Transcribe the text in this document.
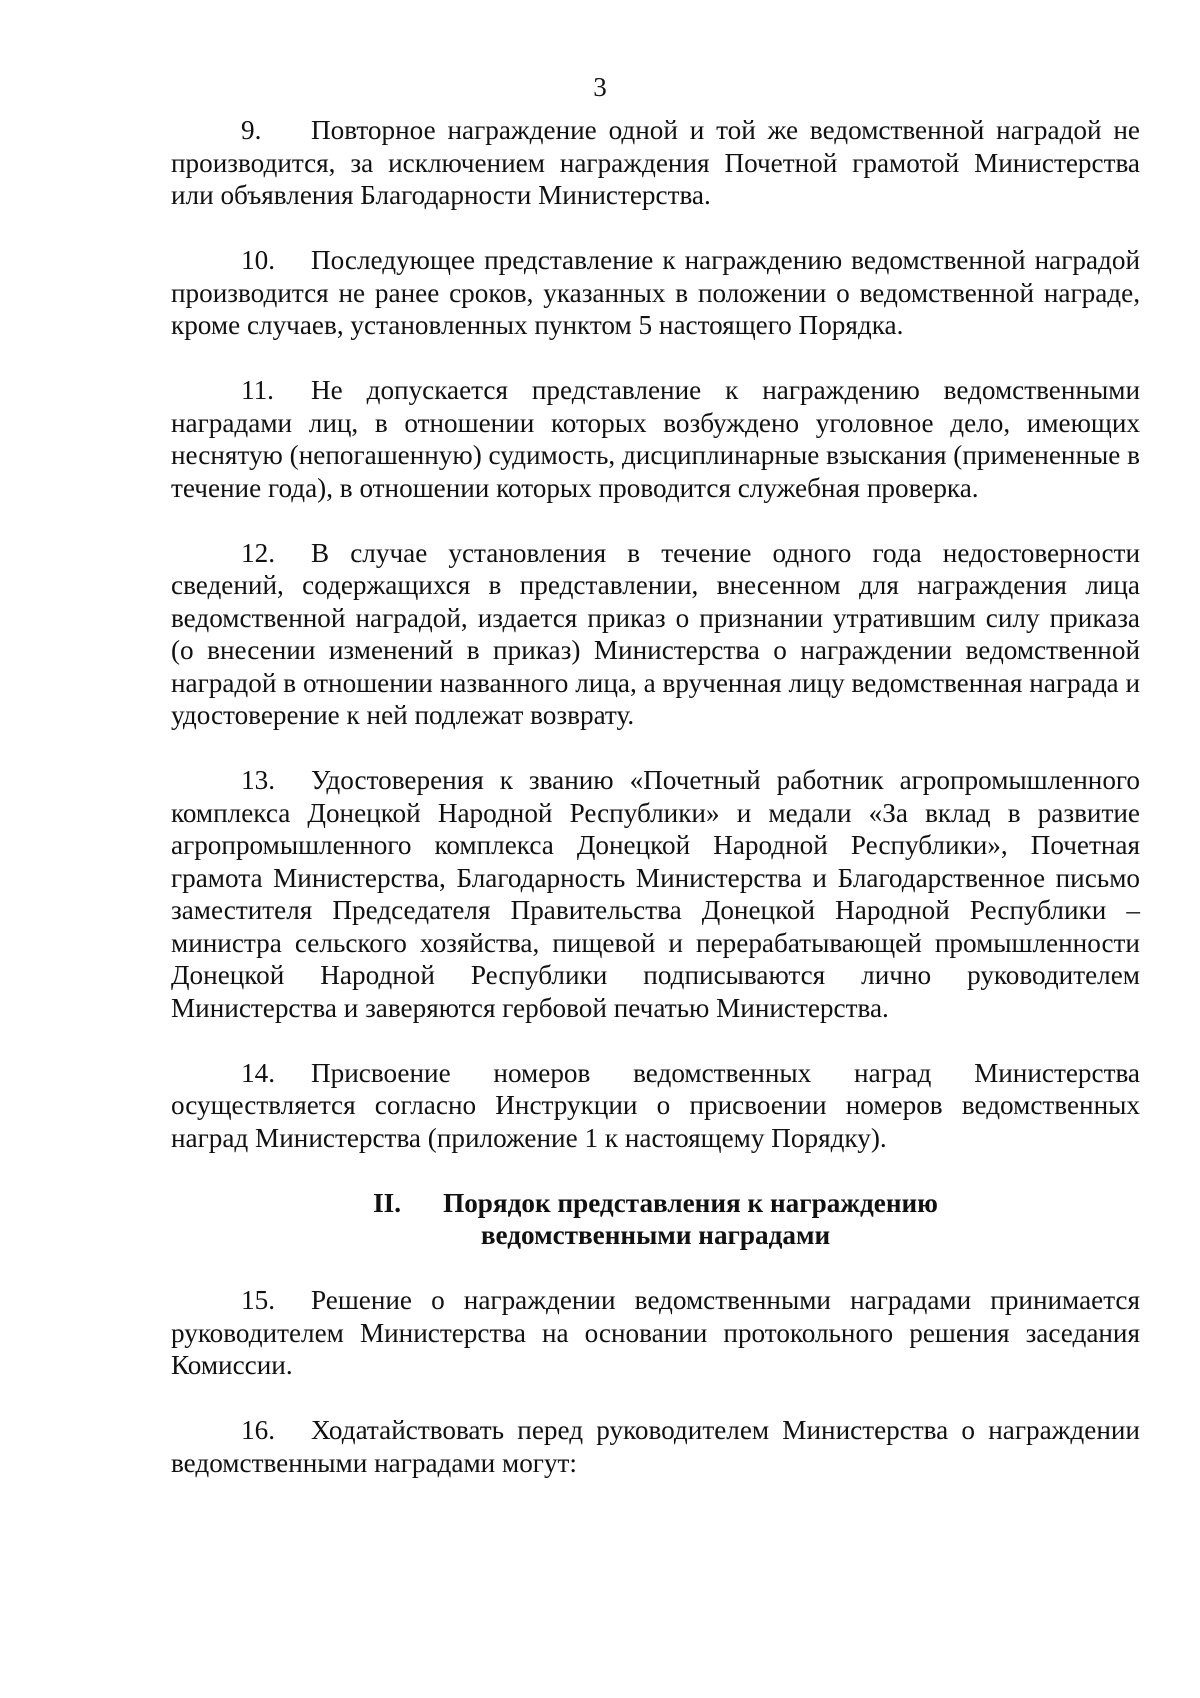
3

9. Повторное награждение одной и той же ведомственной наградой не производится, за исключением награждения Почетной грамотой Министерства или объявления Благодарности Министерства.

10. Последующее представление к награждению ведомственной наградой производится не ранее сроков, указанных в положении о ведомственной награде, кроме случаев, установленных пунктом 5 настоящего Порядка.

11. Не допускается представление к награждению ведомственными наградами лиц, в отношении которых возбуждено уголовное дело, имеющих неснятую (непогашенную) судимость, дисциплинарные взыскания (примененные в течение года), в отношении которых проводится служебная проверка.

12. В случае установления в течение одного года недостоверности сведений, содержащихся в представлении, внесенном для награждения лица ведомственной наградой, издается приказ о признании утратившим силу приказа (о внесении изменений в приказ) Министерства о награждении ведомственной наградой в отношении названного лица, а врученная лицу ведомственная награда и удостоверение к ней подлежат возврату.

13. Удостоверения к званию «Почетный работник агропромышленного комплекса Донецкой Народной Республики» и медали «За вклад в развитие агропромышленного комплекса Донецкой Народной Республики», Почетная грамота Министерства, Благодарность Министерства и Благодарственное письмо заместителя Председателя Правительства Донецкой Народной Республики – министра сельского хозяйства, пищевой и перерабатывающей промышленности Донецкой Народной Республики подписываются лично руководителем Министерства и заверяются гербовой печатью Министерства.

14. Присвоение номеров ведомственных наград Министерства осуществляется согласно Инструкции о присвоении номеров ведомственных наград Министерства (приложение 1 к настоящему Порядку).

II. Порядок представления к награждению
ведомственными наградами

15. Решение о награждении ведомственными наградами принимается руководителем Министерства на основании протокольного решения заседания Комиссии.

16. Ходатайствовать перед руководителем Министерства о награждении ведомственными наградами могут:
